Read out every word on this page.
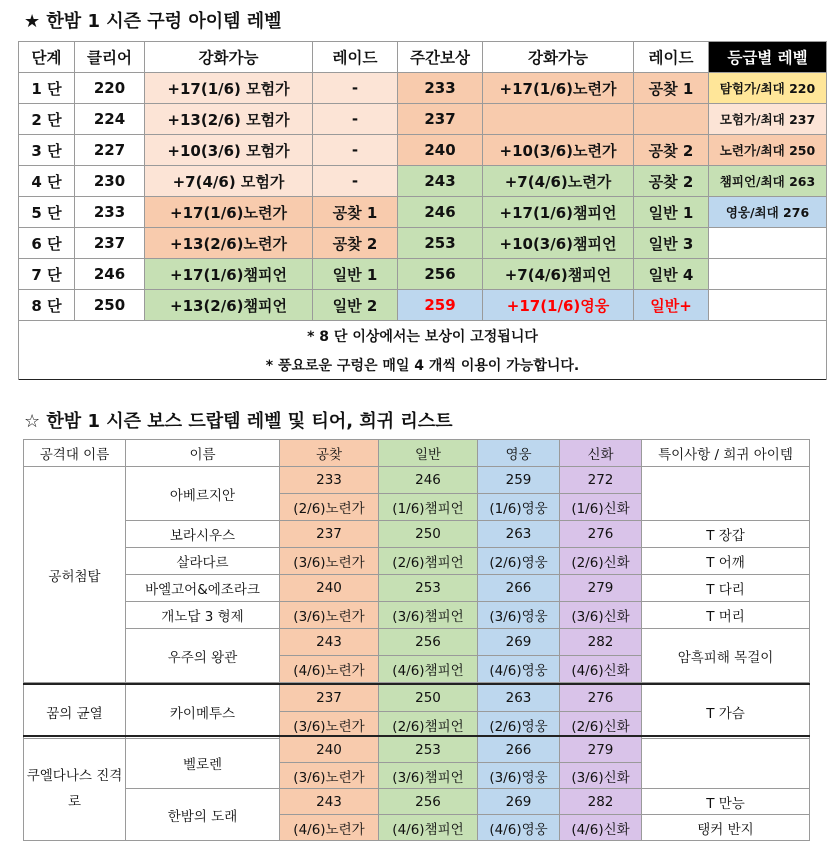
★ 한밤 1 시즌 구렁 아이템 레벨
단계	클리어	강화가능	레이드	주간보상	강화가능	레이드	등급별 레벨
1 단	220	+17(1/6) 모험가	-	233	+17(1/6)노련가	공찾 1	탐험가/최대 220
2 단	224	+13(2/6) 모험가	-	237			모험가/최대 237
3 단	227	+10(3/6) 모험가	-	240	+10(3/6)노련가	공찾 2	노련가/최대 250
4 단	230	+7(4/6) 모험가	-	243	+7(4/6)노련가	공찾 2	챔피언/최대 263
5 단	233	+17(1/6)노련가	공찾 1	246	+17(1/6)챔피언	일반 1	영웅/최대 276
6 단	237	+13(2/6)노련가	공찾 2	253	+10(3/6)챔피언	일반 3	
7 단	246	+17(1/6)챔피언	일반 1	256	+7(4/6)챔피언	일반 4	
8 단	250	+13(2/6)챔피언	일반 2	259	+17(1/6)영웅	일반+	
* 8 단 이상에서는 보상이 고정됩니다							
* 풍요로운 구렁은 매일 4 개씩 이용이 가능합니다.							
☆ 한밤 1 시즌 보스 드랍템 레벨 및 티어, 희귀 리스트
공격대 이름	이름	공찾	일반	영웅	신화	특이사항 / 희귀 아이템
공허첨탑	아베르지안	233	246	259	272	
		(2/6)노련가	(1/6)챔피언	(1/6)영웅	(1/6)신화	
	보라시우스	237	250	263	276	T 장갑
	살라다르	(3/6)노련가	(2/6)챔피언	(2/6)영웅	(2/6)신화	T 어깨
	바엘고어&에조라크	240	253	266	279	T 다리
	개노답 3 형제	(3/6)노련가	(3/6)챔피언	(3/6)영웅	(3/6)신화	T 머리
	우주의 왕관	243	256	269	282	암흑피해 목걸이
		(4/6)노련가	(4/6)챔피언	(4/6)영웅	(4/6)신화	
꿈의 균열	카이메투스	237	250	263	276	T 가슴
		(3/6)노련가	(2/6)챔피언	(2/6)영웅	(2/6)신화	
쿠엘다나스 진격로	벨로렌	240	253	266	279	
		(3/6)노련가	(3/6)챔피언	(3/6)영웅	(3/6)신화	
	한밤의 도래	243	256	269	282	T 만능
		(4/6)노련가	(4/6)챔피언	(4/6)영웅	(4/6)신화	탱커 반지
